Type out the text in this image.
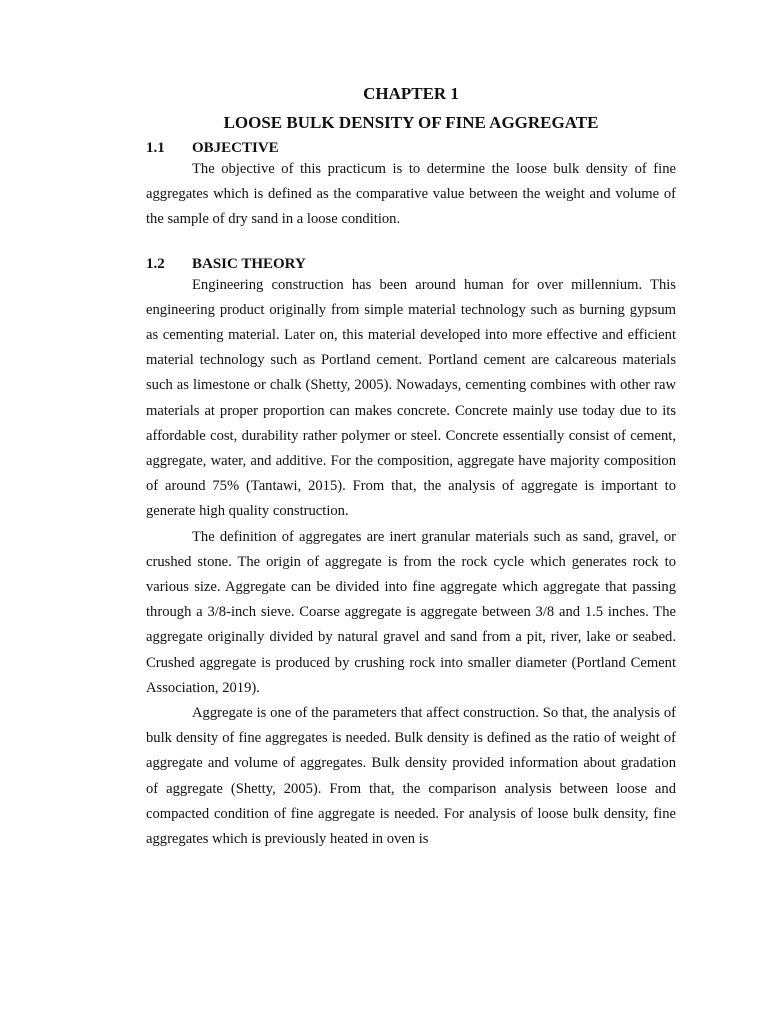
CHAPTER 1
LOOSE BULK DENSITY OF FINE AGGREGATE
1.1	OBJECTIVE

The objective of this practicum is to determine the loose bulk density of fine aggregates which is defined as the comparative value between the weight and volume of the sample of dry sand in a loose condition.

1.2	BASIC THEORY

Engineering construction has been around human for over millennium. This engineering product originally from simple material technology such as burning gypsum as cementing material. Later on, this material developed into more effective and efficient material technology such as Portland cement. Portland cement are calcareous materials such as limestone or chalk (Shetty, 2005). Nowadays, cementing combines with other raw materials at proper proportion can makes concrete. Concrete mainly use today due to its affordable cost, durability rather polymer or steel. Concrete essentially consist of cement, aggregate, water, and additive. For the composition, aggregate have majority composition of around 75% (Tantawi, 2015). From that, the analysis of aggregate is important to generate high quality construction.

The definition of aggregates are inert granular materials such as sand, gravel, or crushed stone. The origin of aggregate is from the rock cycle which generates rock to various size. Aggregate can be divided into fine aggregate which aggregate that passing through a 3/8-inch sieve. Coarse aggregate is aggregate between 3/8 and 1.5 inches. The aggregate originally divided by natural gravel and sand from a pit, river, lake or seabed. Crushed aggregate is produced by crushing rock into smaller diameter (Portland Cement Association, 2019).

Aggregate is one of the parameters that affect construction. So that, the analysis of bulk density of fine aggregates is needed. Bulk density is defined as the ratio of weight of aggregate and volume of aggregates. Bulk density provided information about gradation of aggregate (Shetty, 2005). From that, the comparison analysis between loose and compacted condition of fine aggregate is needed. For analysis of loose bulk density, fine aggregates which is previously heated in oven is
